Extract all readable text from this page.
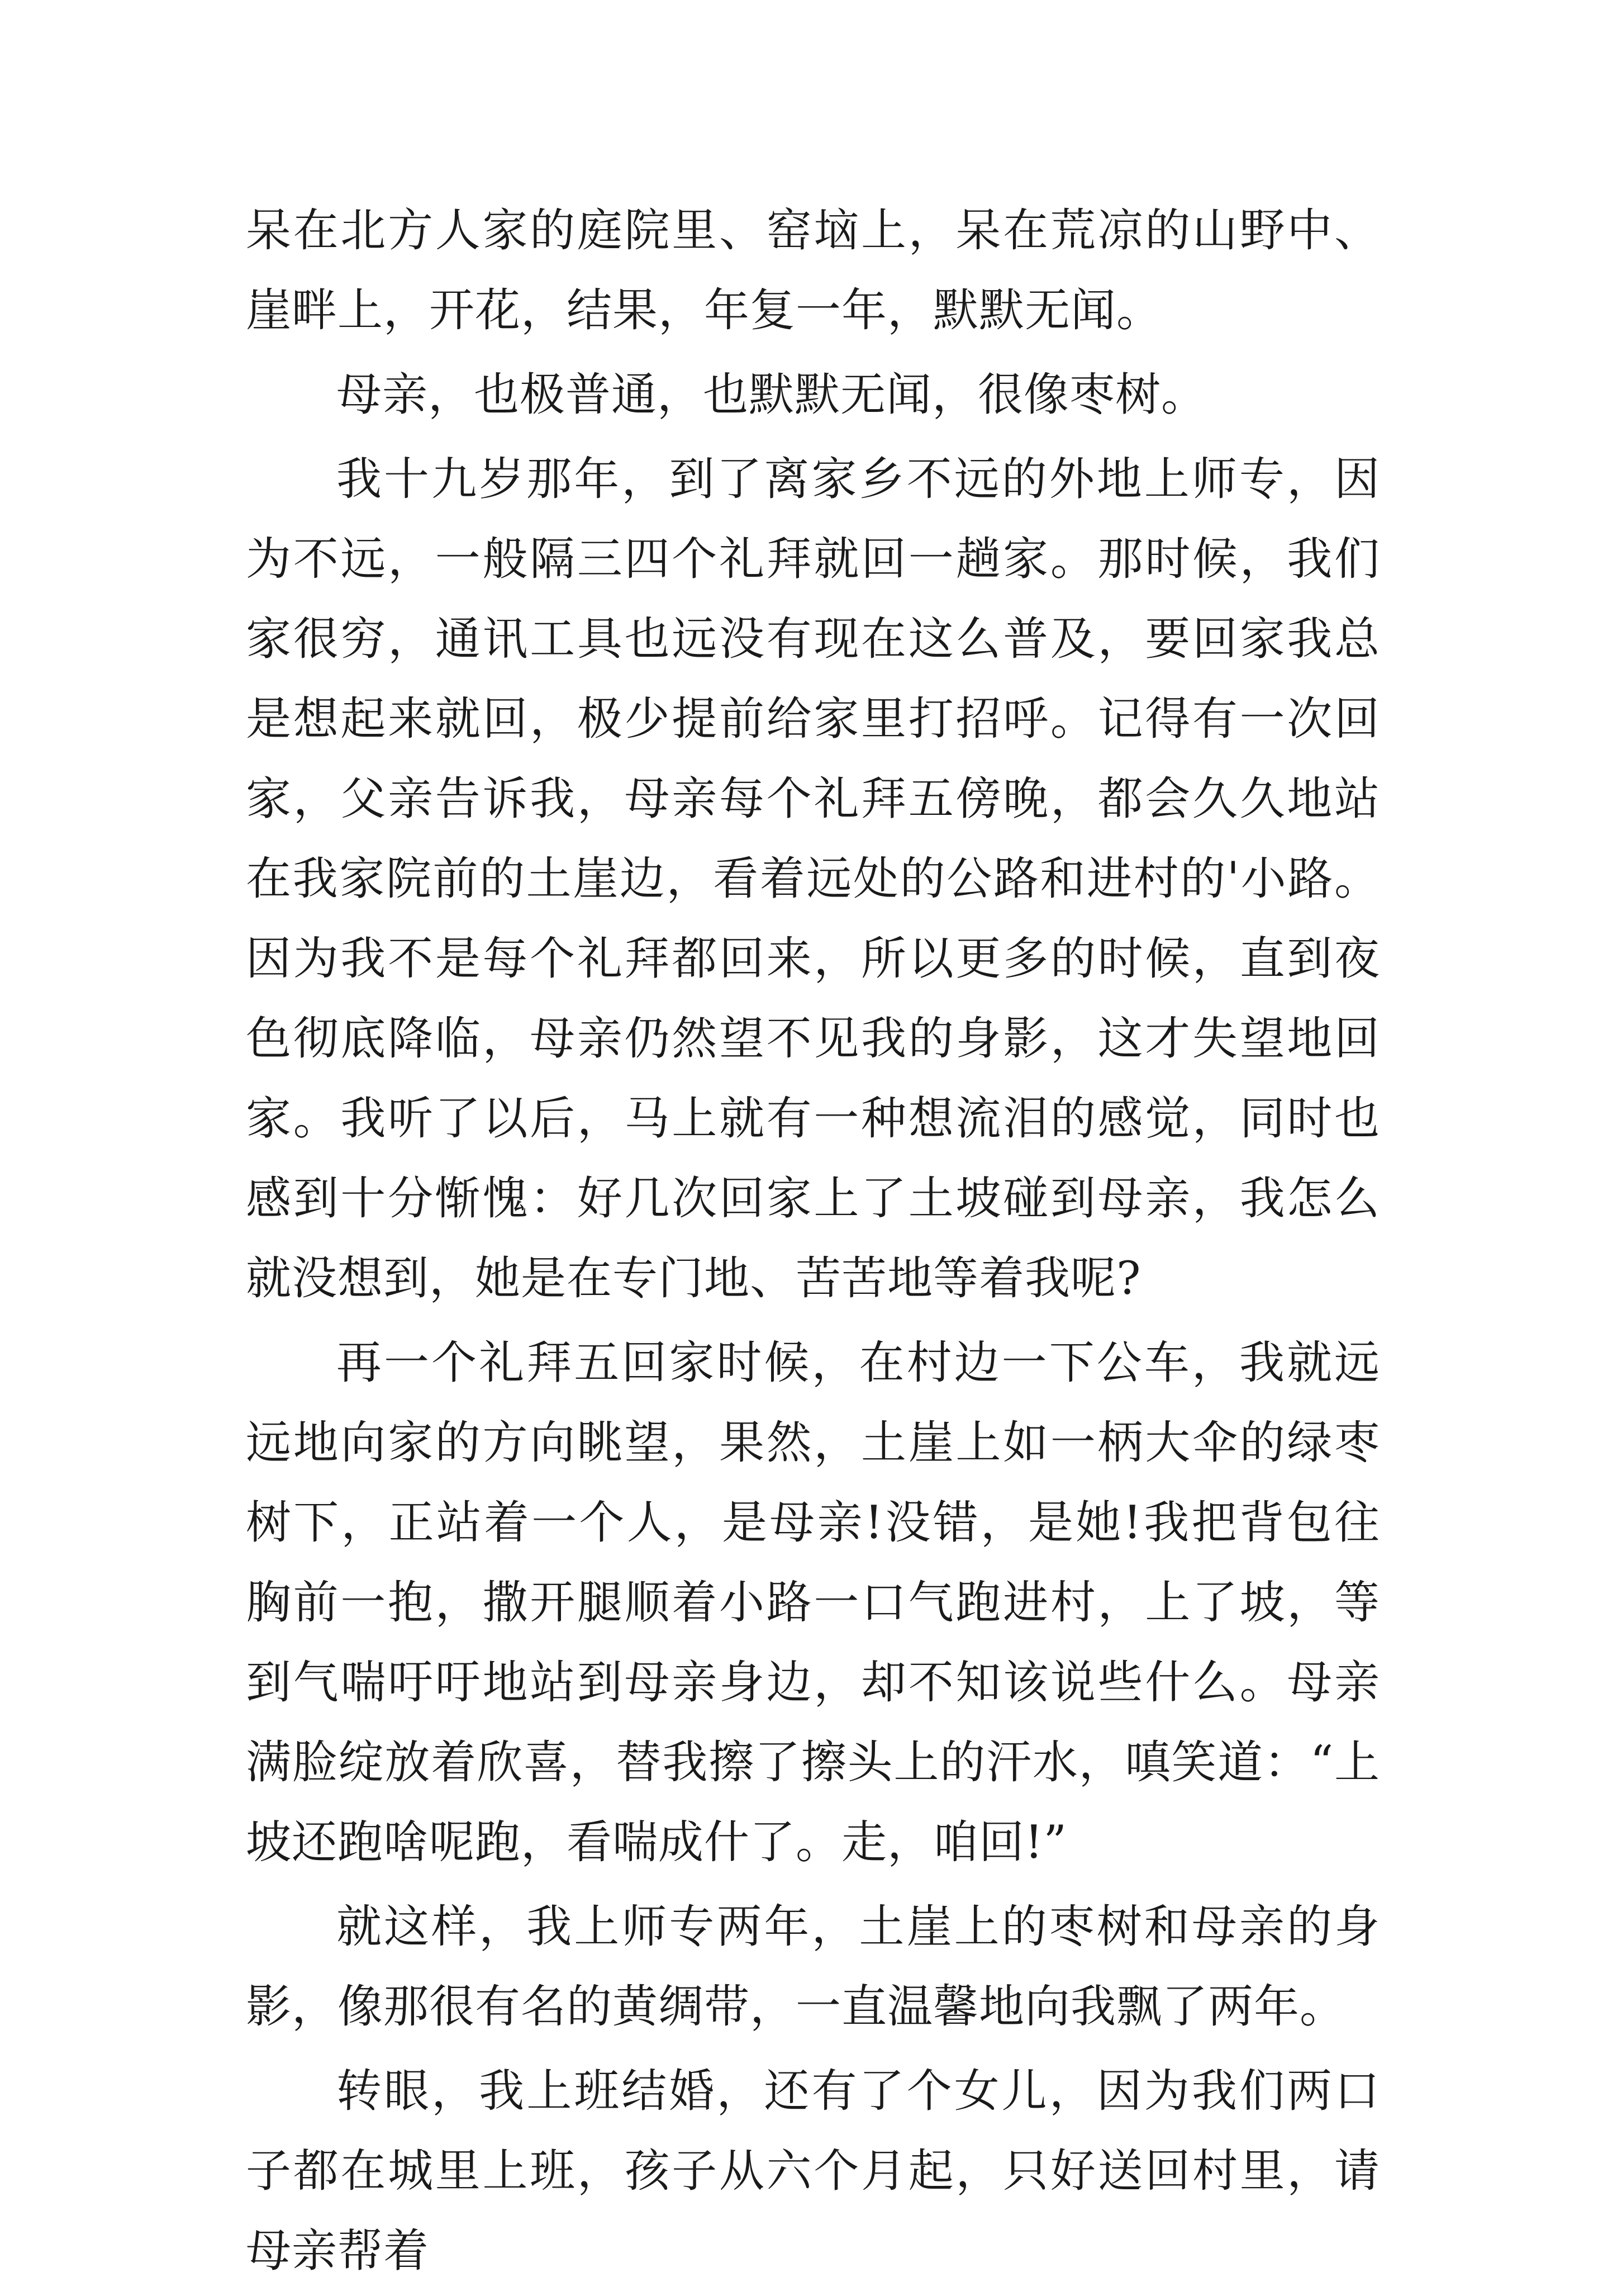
呆在北方人家的庭院里、窑垴上，呆在荒凉的山野中、崖畔上，开花，结果，年复一年，默默无闻。

母亲，也极普通，也默默无闻，很像枣树。

我十九岁那年，到了离家乡不远的外地上师专，因为不远，一般隔三四个礼拜就回一趟家。那时候，我们家很穷，通讯工具也远没有现在这么普及，要回家我总是想起来就回，极少提前给家里打招呼。记得有一次回家，父亲告诉我，母亲每个礼拜五傍晚，都会久久地站在我家院前的土崖边，看着远处的公路和进村的'小路。因为我不是每个礼拜都回来，所以更多的时候，直到夜色彻底降临，母亲仍然望不见我的身影，这才失望地回家。我听了以后，马上就有一种想流泪的感觉，同时也感到十分惭愧：好几次回家上了土坡碰到母亲，我怎么就没想到，她是在专门地、苦苦地等着我呢?

再一个礼拜五回家时候，在村边一下公车，我就远远地向家的方向眺望，果然，土崖上如一柄大伞的绿枣树下，正站着一个人，是母亲!没错，是她!我把背包往胸前一抱，撒开腿顺着小路一口气跑进村，上了坡，等到气喘吁吁地站到母亲身边，却不知该说些什么。母亲满脸绽放着欣喜，替我擦了擦头上的汗水，嗔笑道：“上坡还跑啥呢跑，看喘成什了。走，咱回!”

就这样，我上师专两年，土崖上的枣树和母亲的身影，像那很有名的黄绸带，一直温馨地向我飘了两年。

转眼，我上班结婚，还有了个女儿，因为我们两口子都在城里上班，孩子从六个月起，只好送回村里，请母亲帮着
